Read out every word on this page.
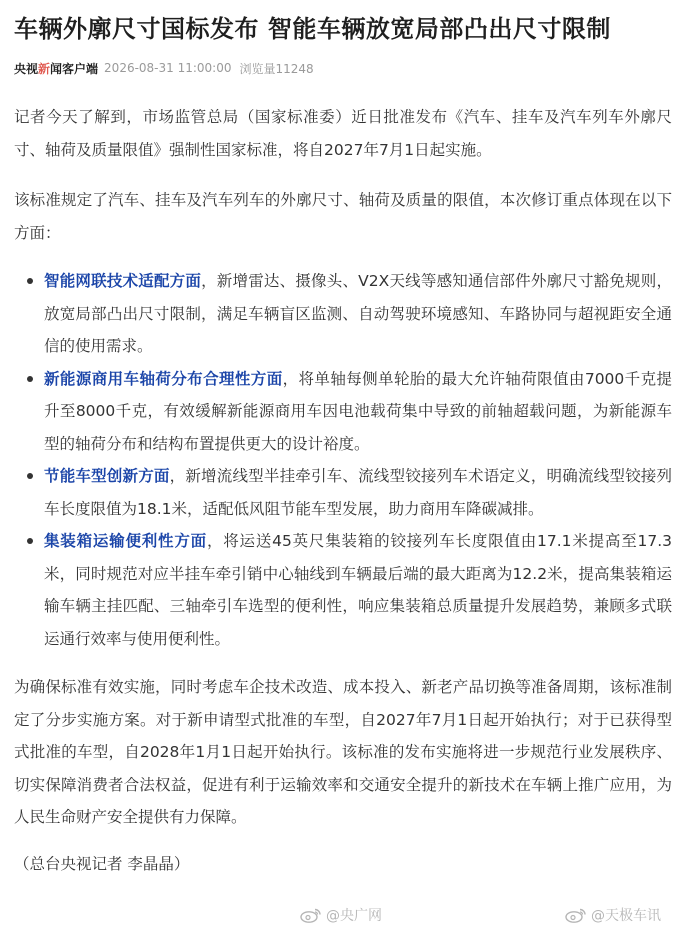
车辆外廓尺寸国标发布 智能车辆放宽局部凸出尺寸限制
央视 新 闻客户端 2026-08-31 11:00:00 浏览量11248

记者今天了解到，市场监管总局（国家标准委）近日批准发布《汽车、挂车及汽车列车外廓尺寸、轴荷及质量限值》强制性国家标准，将自2027年7月1日起实施。

该标准规定了汽车、挂车及汽车列车的外廓尺寸、轴荷及质量的限值，本次修订重点体现在以下方面：

智能网联技术适配方面，新增雷达、摄像头、V2X天线等感知通信部件外廓尺寸豁免规则，放宽局部凸出尺寸限制，满足车辆盲区监测、自动驾驶环境感知、车路协同与超视距安全通信的使用需求。
新能源商用车轴荷分布合理性方面，将单轴每侧单轮胎的最大允许轴荷限值由7000千克提升至8000千克，有效缓解新能源商用车因电池载荷集中导致的前轴超载问题，为新能源车型的轴荷分布和结构布置提供更大的设计裕度。
节能车型创新方面，新增流线型半挂牵引车、流线型铰接列车术语定义，明确流线型铰接列车长度限值为18.1米，适配低风阻节能车型发展，助力商用车降碳减排。
集装箱运输便利性方面，将运送45英尺集装箱的铰接列车长度限值由17.1米提高至17.3米，同时规范对应半挂车牵引销中心轴线到车辆最后端的最大距离为12.2米，提高集装箱运输车辆主挂匹配、三轴牵引车选型的便利性，响应集装箱总质量提升发展趋势，兼顾多式联运通行效率与使用便利性。

为确保标准有效实施，同时考虑车企技术改造、成本投入、新老产品切换等准备周期，该标准制定了分步实施方案。对于新申请型式批准的车型，自2027年7月1日起开始执行；对于已获得型式批准的车型，自2028年1月1日起开始执行。该标准的发布实施将进一步规范行业发展秩序、切实保障消费者合法权益，促进有利于运输效率和交通安全提升的新技术在车辆上推广应用，为人民生命财产安全提供有力保障。

（总台央视记者 李晶晶）

@央广网	@天极车讯
